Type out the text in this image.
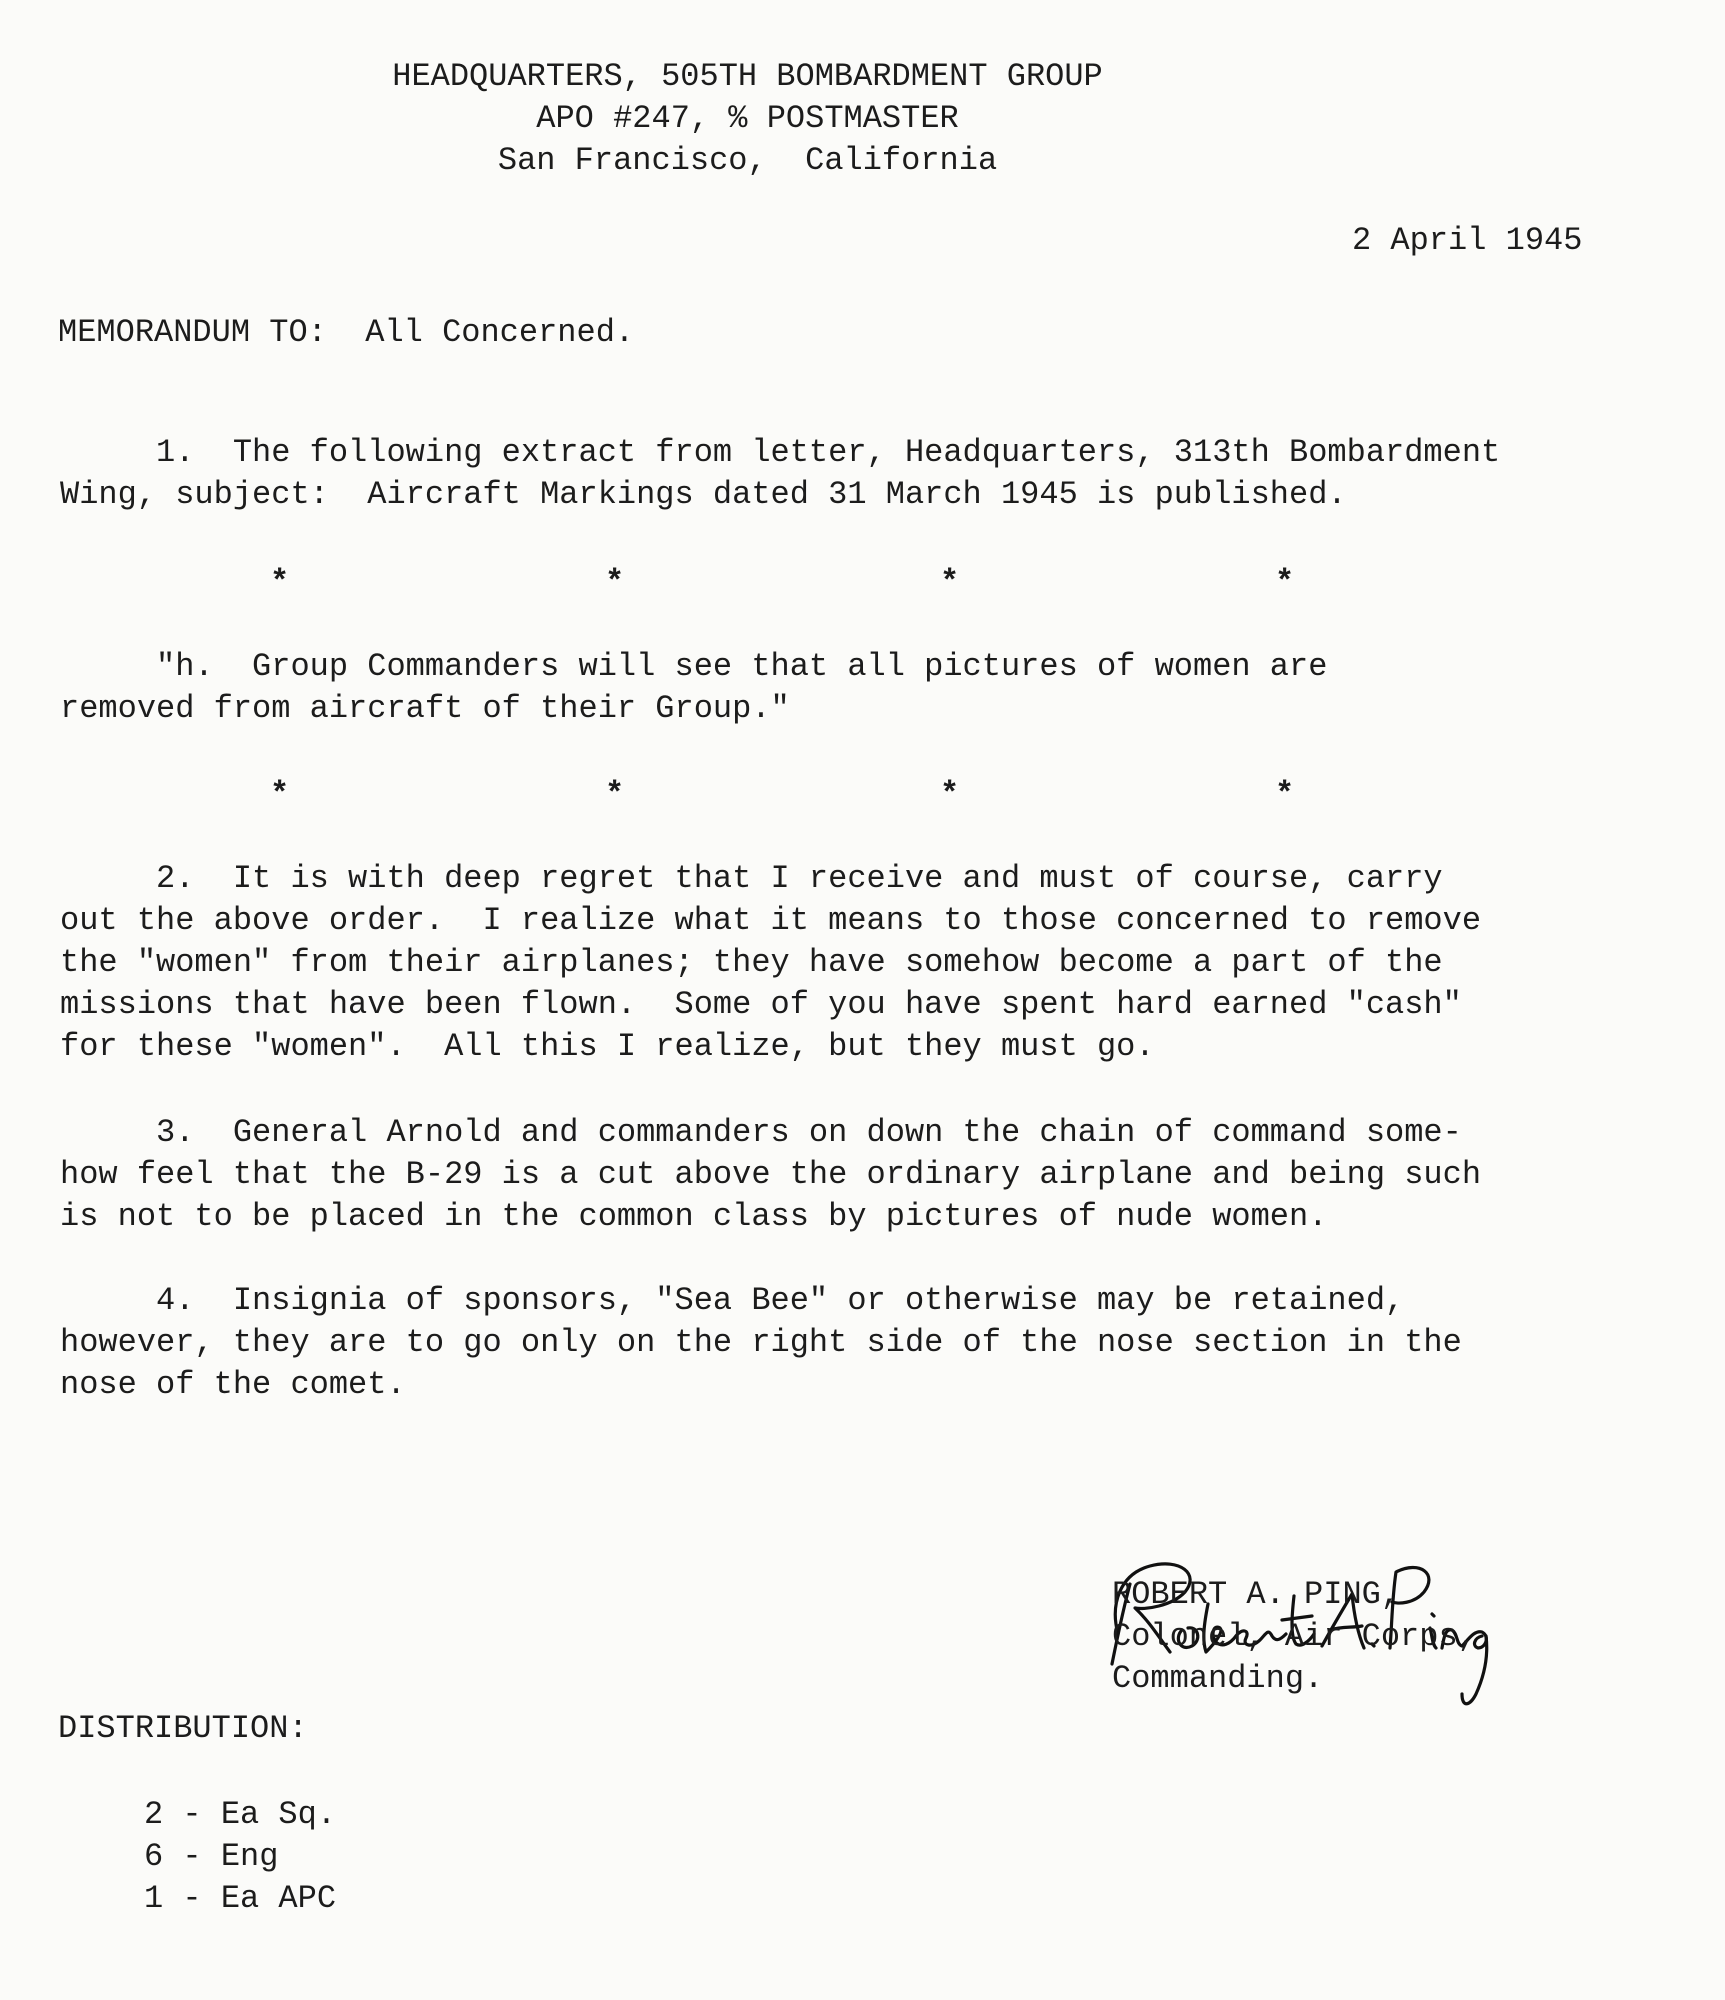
HEADQUARTERS, 505TH BOMBARDMENT GROUP
APO #247, % POSTMASTER
San Francisco,  California
2 April 1945
MEMORANDUM TO: All Concerned.
1.  The following extract from letter, Headquarters, 313th Bombardment
Wing, subject:  Aircraft Markings dated 31 March 1945 is published.
*	*	*	*
"h.  Group Commanders will see that all pictures of women are
removed from aircraft of their Group."
*	*	*	*
2.  It is with deep regret that I receive and must of course, carry
out the above order.  I realize what it means to those concerned to remove
the "women" from their airplanes; they have somehow become a part of the
missions that have been flown.  Some of you have spent hard earned "cash"
for these "women".  All this I realize, but they must go.
3.  General Arnold and commanders on down the chain of command some-
how feel that the B-29 is a cut above the ordinary airplane and being such
is not to be placed in the common class by pictures of nude women.
4.  Insignia of sponsors, "Sea Bee" or otherwise may be retained,
however, they are to go only on the right side of the nose section in the
nose of the comet.

ROBERT A. PING,
Colonel, Air Corps,
Commanding.
DISTRIBUTION:
2 - Ea Sq.
6 - Eng
1 - Ea APC
